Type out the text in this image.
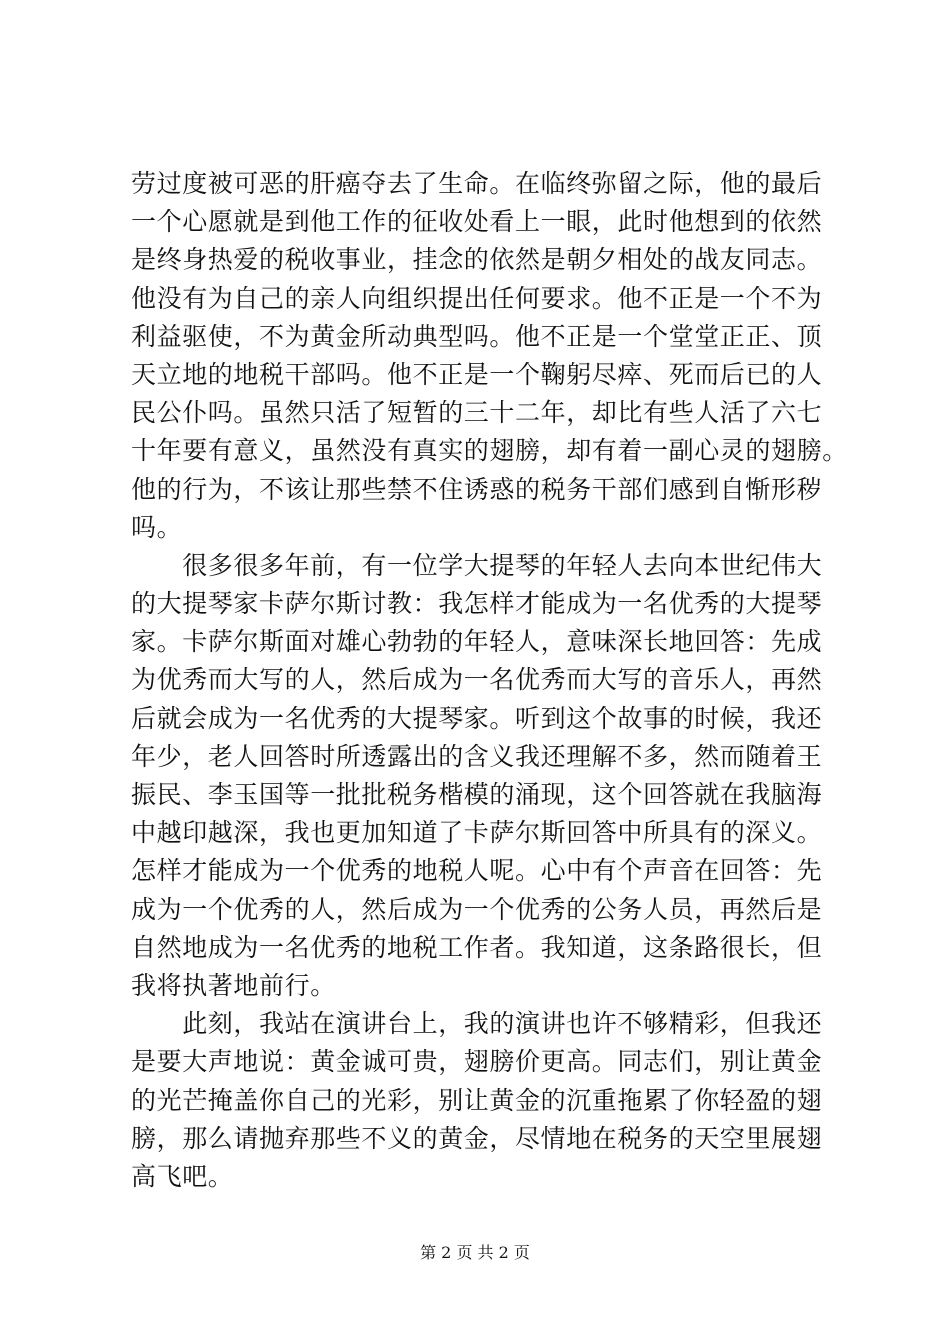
劳过度被可恶的肝癌夺去了生命。在临终弥留之际，他的最后
一个心愿就是到他工作的征收处看上一眼，此时他想到的依然
是终身热爱的税收事业，挂念的依然是朝夕相处的战友同志。
他没有为自己的亲人向组织提出任何要求。他不正是一个不为
利益驱使，不为黄金所动典型吗。他不正是一个堂堂正正、顶
天立地的地税干部吗。他不正是一个鞠躬尽瘁、死而后已的人
民公仆吗。虽然只活了短暂的三十二年，却比有些人活了六七
十年要有意义，虽然没有真实的翅膀，却有着一副心灵的翅膀。
他的行为，不该让那些禁不住诱惑的税务干部们感到自惭形秽
吗。
　　很多很多年前，有一位学大提琴的年轻人去向本世纪伟大
的大提琴家卡萨尔斯讨教：我怎样才能成为一名优秀的大提琴
家。卡萨尔斯面对雄心勃勃的年轻人，意味深长地回答：先成
为优秀而大写的人，然后成为一名优秀而大写的音乐人，再然
后就会成为一名优秀的大提琴家。听到这个故事的时候，我还
年少，老人回答时所透露出的含义我还理解不多，然而随着王
振民、李玉国等一批批税务楷模的涌现，这个回答就在我脑海
中越印越深，我也更加知道了卡萨尔斯回答中所具有的深义。
怎样才能成为一个优秀的地税人呢。心中有个声音在回答：先
成为一个优秀的人，然后成为一个优秀的公务人员，再然后是
自然地成为一名优秀的地税工作者。我知道，这条路很长，但
我将执著地前行。
　　此刻，我站在演讲台上，我的演讲也许不够精彩，但我还
是要大声地说：黄金诚可贵，翅膀价更高。同志们，别让黄金
的光芒掩盖你自己的光彩，别让黄金的沉重拖累了你轻盈的翅
膀，那么请抛弃那些不义的黄金，尽情地在税务的天空里展翅
高飞吧。
第 2 页 共 2 页
